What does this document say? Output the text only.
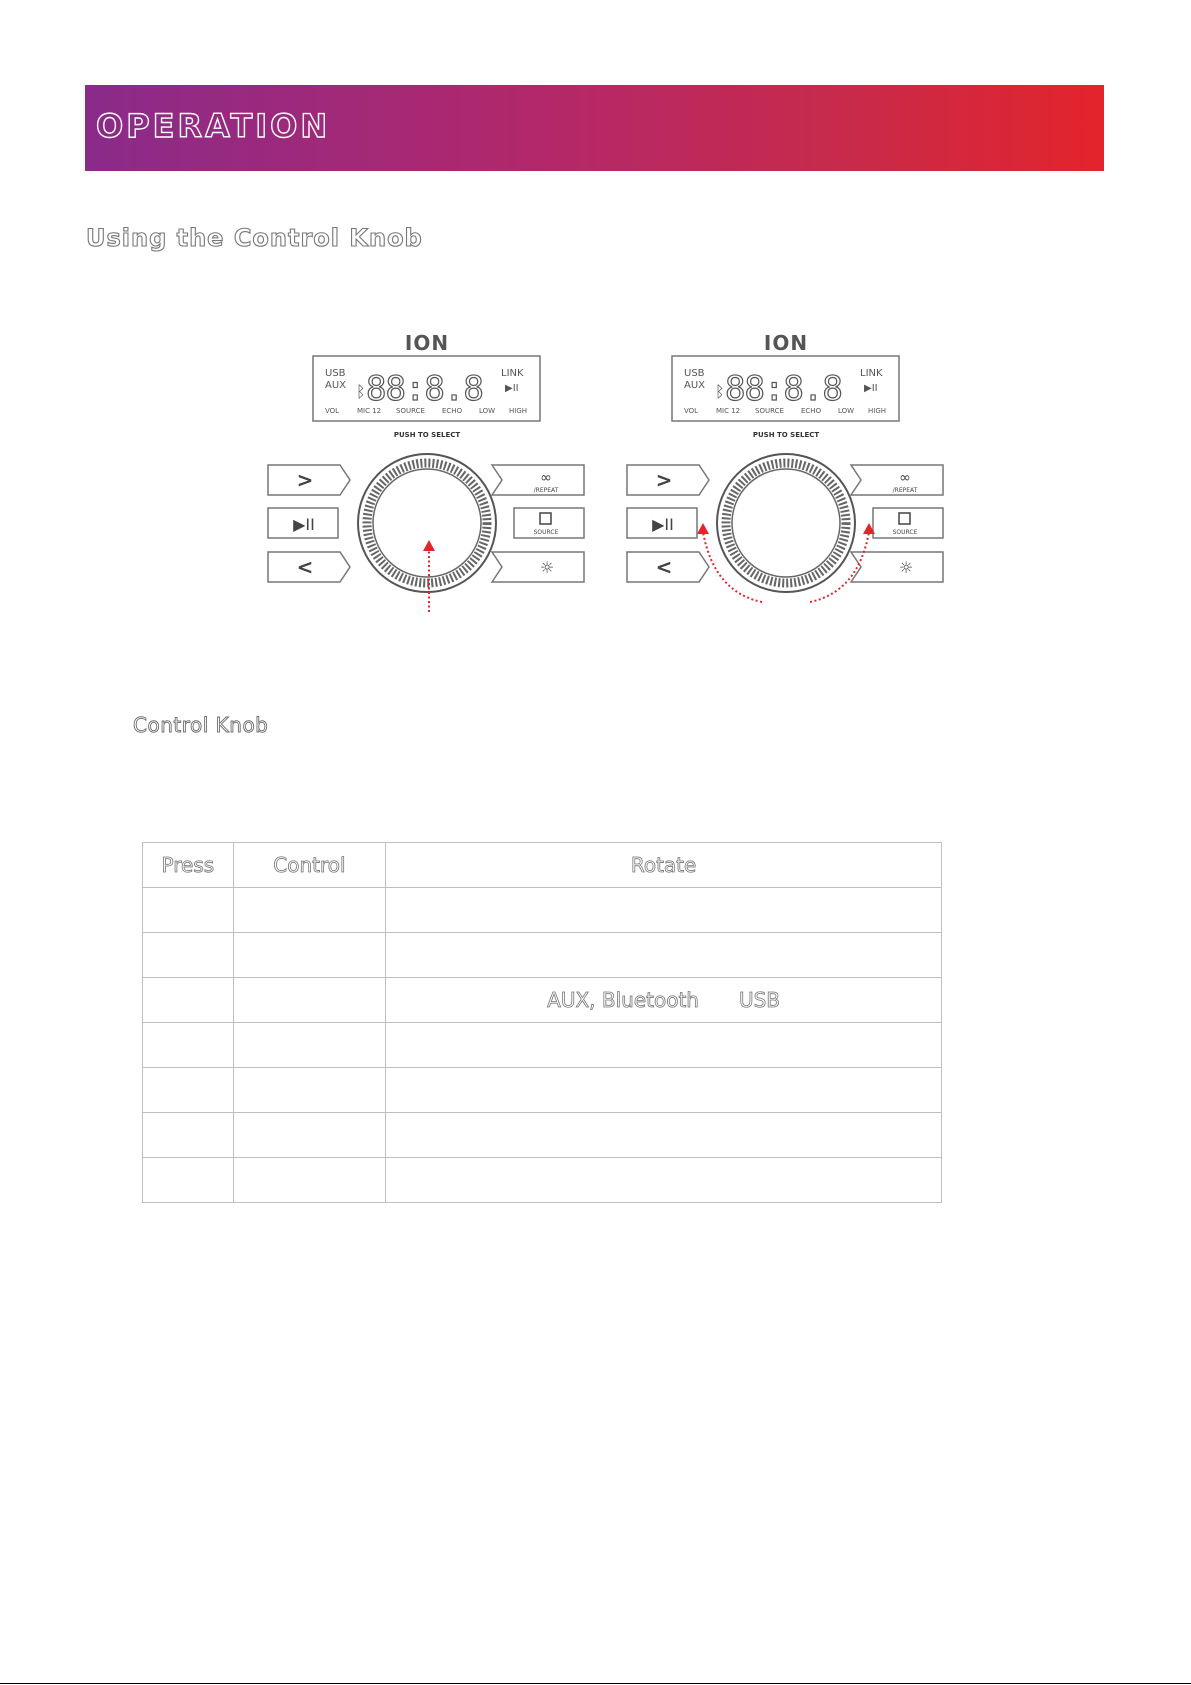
OPERATION
Using the Control Knob
ION
USB
AUX ᛒ 88:8.8 LINK
▶II
VOL	MIC 12 SOURCE ECHO LOW HIGH
PUSH TO SELECT
>
▶II
<
∞
/REPEAT
SOURCE
☼
ION
USB
AUX ᛒ 88:8.8 LINK
▶II
VOL	MIC 12 SOURCE ECHO LOW HIGH
PUSH TO SELECT
>
▶II
<
∞
/REPEAT
SOURCE
☼
Control Knob
Press	Control	Rotate

		AUX, Bluetooth USB
